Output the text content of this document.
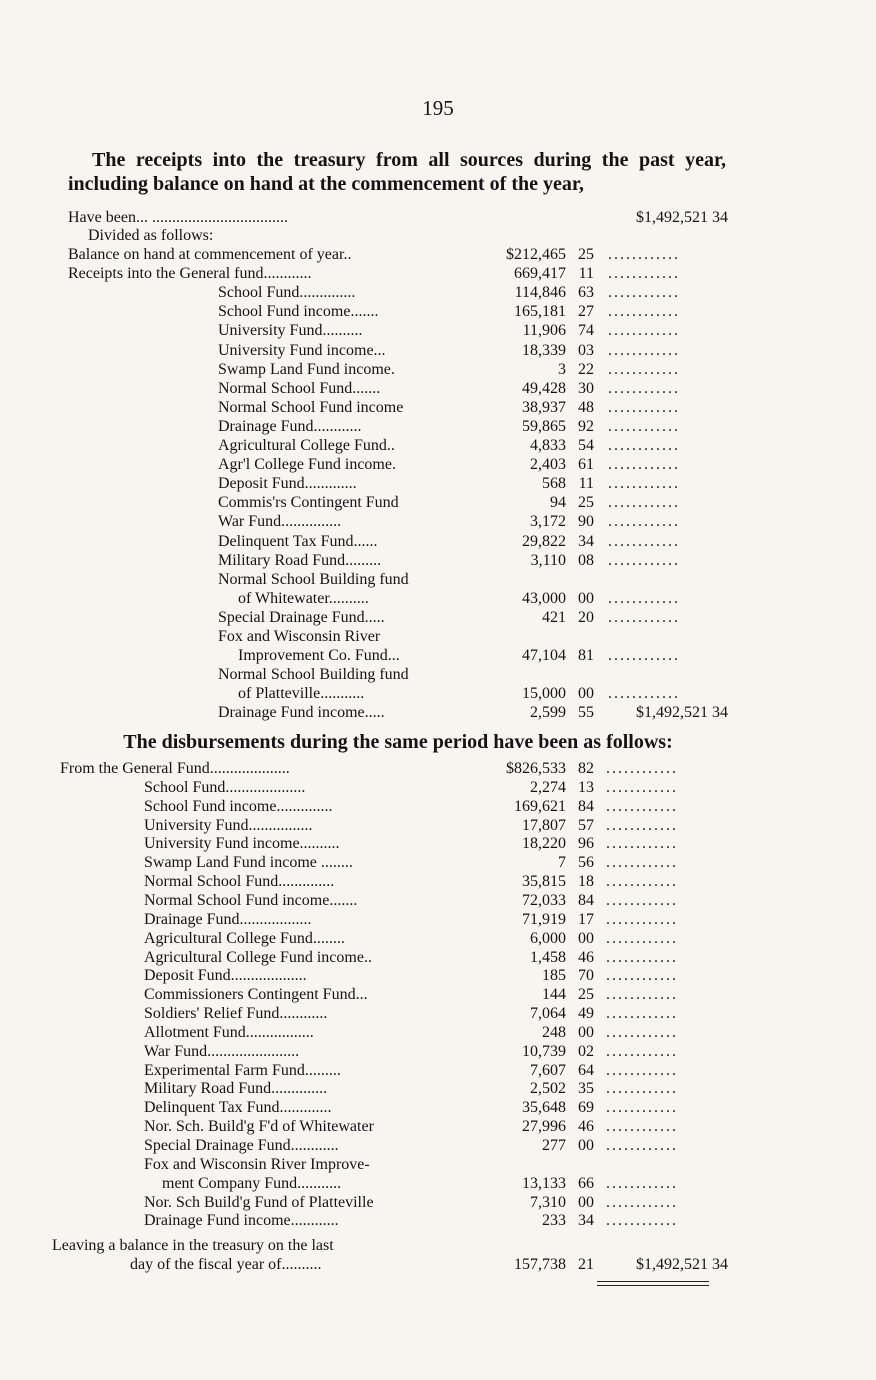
195
The receipts into the treasury from all sources during the past year, including balance on hand at the commencement of the year,
Have been... ..................................	$1,492,521 34
Divided as follows:
Balance on hand at commencement of year..	$212,465 25 ............
Receipts into the General fund............	669,417 11 ............
School Fund..............	114,846 63 ............
School Fund income.......	165,181 27 ............
University Fund..........	11,906 74 ............
University Fund income...	18,339 03 ............
Swamp Land Fund income.	3 22 ............
Normal School Fund.......	49,428 30 ............
Normal School Fund income	38,937 48 ............
Drainage Fund............	59,865 92 ............
Agricultural College Fund..	4,833 54 ............
Agr'l College Fund income.	2,403 61 ............
Deposit Fund.............	568 11 ............
Commis'rs Contingent Fund	94 25 ............
War Fund...............	3,172 90 ............
Delinquent Tax Fund......	29,822 34 ............
Military Road Fund.........	3,110 08 ............
Normal School Building fund
of Whitewater..........	43,000 00 ............
Special Drainage Fund.....	421 20 ............
Fox and Wisconsin River
Improvement Co. Fund...	47,104 81 ............
Normal School Building fund
of Platteville...........	15,000 00 ............
Drainage Fund income.....	2,599 55	$1,492,521 34
The disbursements during the same period have been as follows:
From the General Fund....................	$826,533 82 ............
School Fund....................	2,274 13 ............
School Fund income..............	169,621 84 ............
University Fund................	17,807 57 ............
University Fund income..........	18,220 96 ............
Swamp Land Fund income ........	7 56 ............
Normal School Fund..............	35,815 18 ............
Normal School Fund income.......	72,033 84 ............
Drainage Fund..................	71,919 17 ............
Agricultural College Fund........	6,000 00 ............
Agricultural College Fund income..	1,458 46 ............
Deposit Fund...................	185 70 ............
Commissioners Contingent Fund...	144 25 ............
Soldiers' Relief Fund............	7,064 49 ............
Allotment Fund.................	248 00 ............
War Fund.......................	10,739 02 ............
Experimental Farm Fund.........	7,607 64 ............
Military Road Fund..............	2,502 35 ............
Delinquent Tax Fund.............	35,648 69 ............
Nor. Sch. Build'g F'd of Whitewater	27,996 46 ............
Special Drainage Fund............	277 00 ............
Fox and Wisconsin River Improve-
ment Company Fund...........	13,133 66 ............
Nor. Sch Build'g Fund of Platteville	7,310 00 ............
Drainage Fund income............	233 34 ............
Leaving a balance in the treasury on the last
day of the fiscal year of..........	157,738 21	$1,492,521 34
